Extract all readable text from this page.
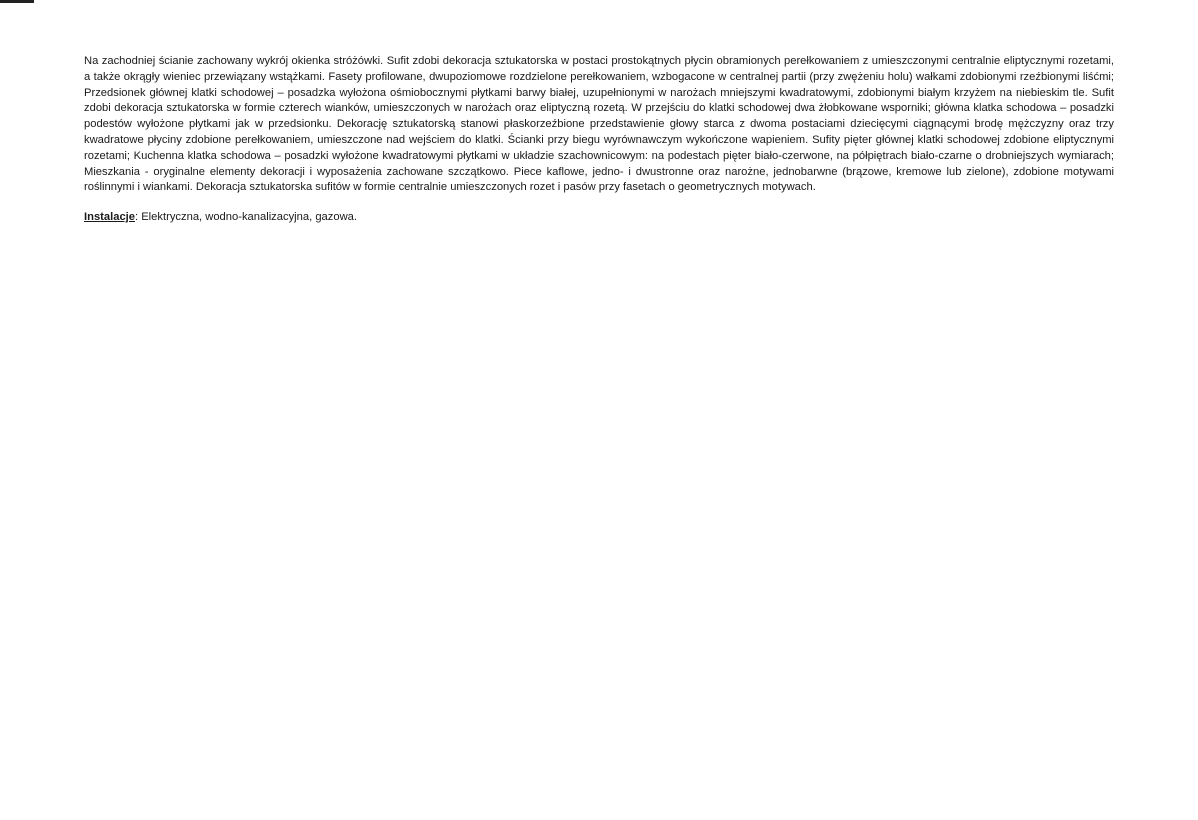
Na zachodniej ścianie zachowany wykrój okienka stróżówki. Sufit zdobi dekoracja sztukatorska w postaci prostokątnych płycin obramionych perełkowaniem z umieszczonymi centralnie eliptycznymi rozetami, a także okrągły wieniec przewiązany wstążkami. Fasety profilowane, dwupoziomowe rozdzielone perełkowaniem, wzbogacone w centralnej partii (przy zwężeniu holu) wałkami zdobionymi rzeźbionymi liśćmi; Przedsionek głównej klatki schodowej – posadzka wyłożona ośmiobocznymi płytkami barwy białej, uzupełnionymi w narożach mniejszymi kwadratowymi, zdobionymi białym krzyżem na niebieskim tle. Sufit zdobi dekoracja sztukatorska w formie czterech wianków, umieszczonych w narożach oraz eliptyczną rozetą. W przejściu do klatki schodowej dwa żłobkowane wsporniki; główna klatka schodowa – posadzki podestów wyłożone płytkami jak w przedsionku. Dekorację sztukatorską stanowi płaskorzeźbione przedstawienie głowy starca z dwoma postaciami dziecięcymi ciągnącymi brodę mężczyzny oraz trzy kwadratowe płyciny zdobione perełkowaniem, umieszczone nad wejściem do klatki. Ścianki przy biegu wyrównawczym wykończone wapieniem. Sufity pięter głównej klatki schodowej zdobione eliptycznymi rozetami; Kuchenna klatka schodowa – posadzki wyłożone kwadratowymi płytkami w układzie szachownicowym: na podestach pięter biało-czerwone, na półpiętrach biało-czarne o drobniejszych wymiarach; Mieszkania - oryginalne elementy dekoracji i wyposażenia zachowane szczątkowo. Piece kaflowe, jedno- i dwustronne oraz narożne, jednobarwne (brązowe, kremowe lub zielone), zdobione motywami roślinnymi i wiankami. Dekoracja sztukatorska sufitów w formie centralnie umieszczonych rozet i pasów przy fasetach o geometrycznych motywach.

Instalacje: Elektryczna, wodno-kanalizacyjna, gazowa.
